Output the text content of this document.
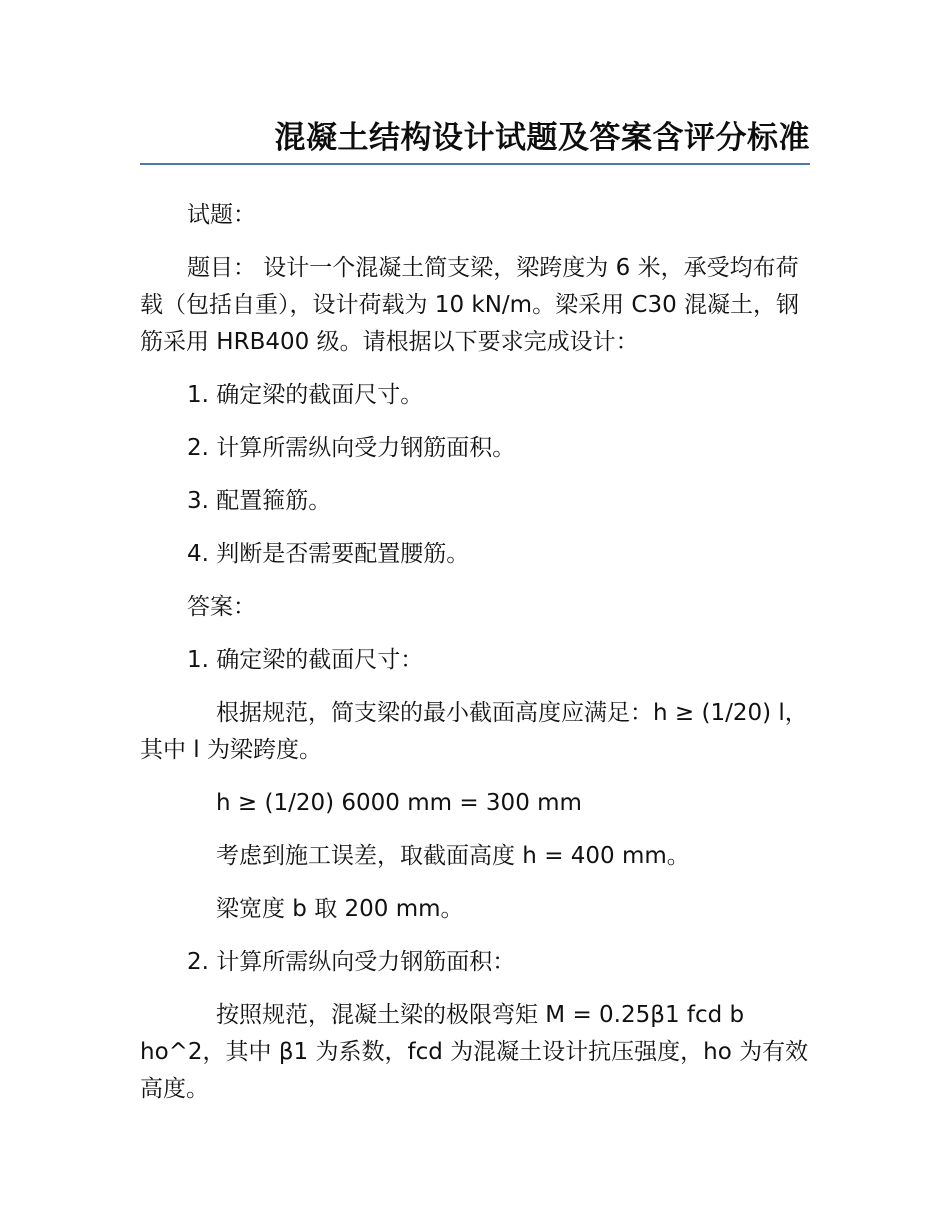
混凝土结构设计试题及答案含评分标准

试题：

题目： 设计一个混凝土简支梁，梁跨度为 6 米，承受均布荷载（包括自重），设计荷载为 10 kN/m。梁采用 C30 混凝土，钢筋采用 HRB400 级。请根据以下要求完成设计：

1. 确定梁的截面尺寸。

2. 计算所需纵向受力钢筋面积。

3. 配置箍筋。

4. 判断是否需要配置腰筋。

答案：

1. 确定梁的截面尺寸：

根据规范，简支梁的最小截面高度应满足：h ≥ (1/20) l，其中 l 为梁跨度。

h ≥ (1/20) 6000 mm = 300 mm

考虑到施工误差，取截面高度 h = 400 mm。

梁宽度 b 取 200 mm。

2. 计算所需纵向受力钢筋面积：

按照规范，混凝土梁的极限弯矩 M = 0.25β1 fcd b ho^2，其中 β1 为系数，fcd 为混凝土设计抗压强度，ho 为有效高度。
